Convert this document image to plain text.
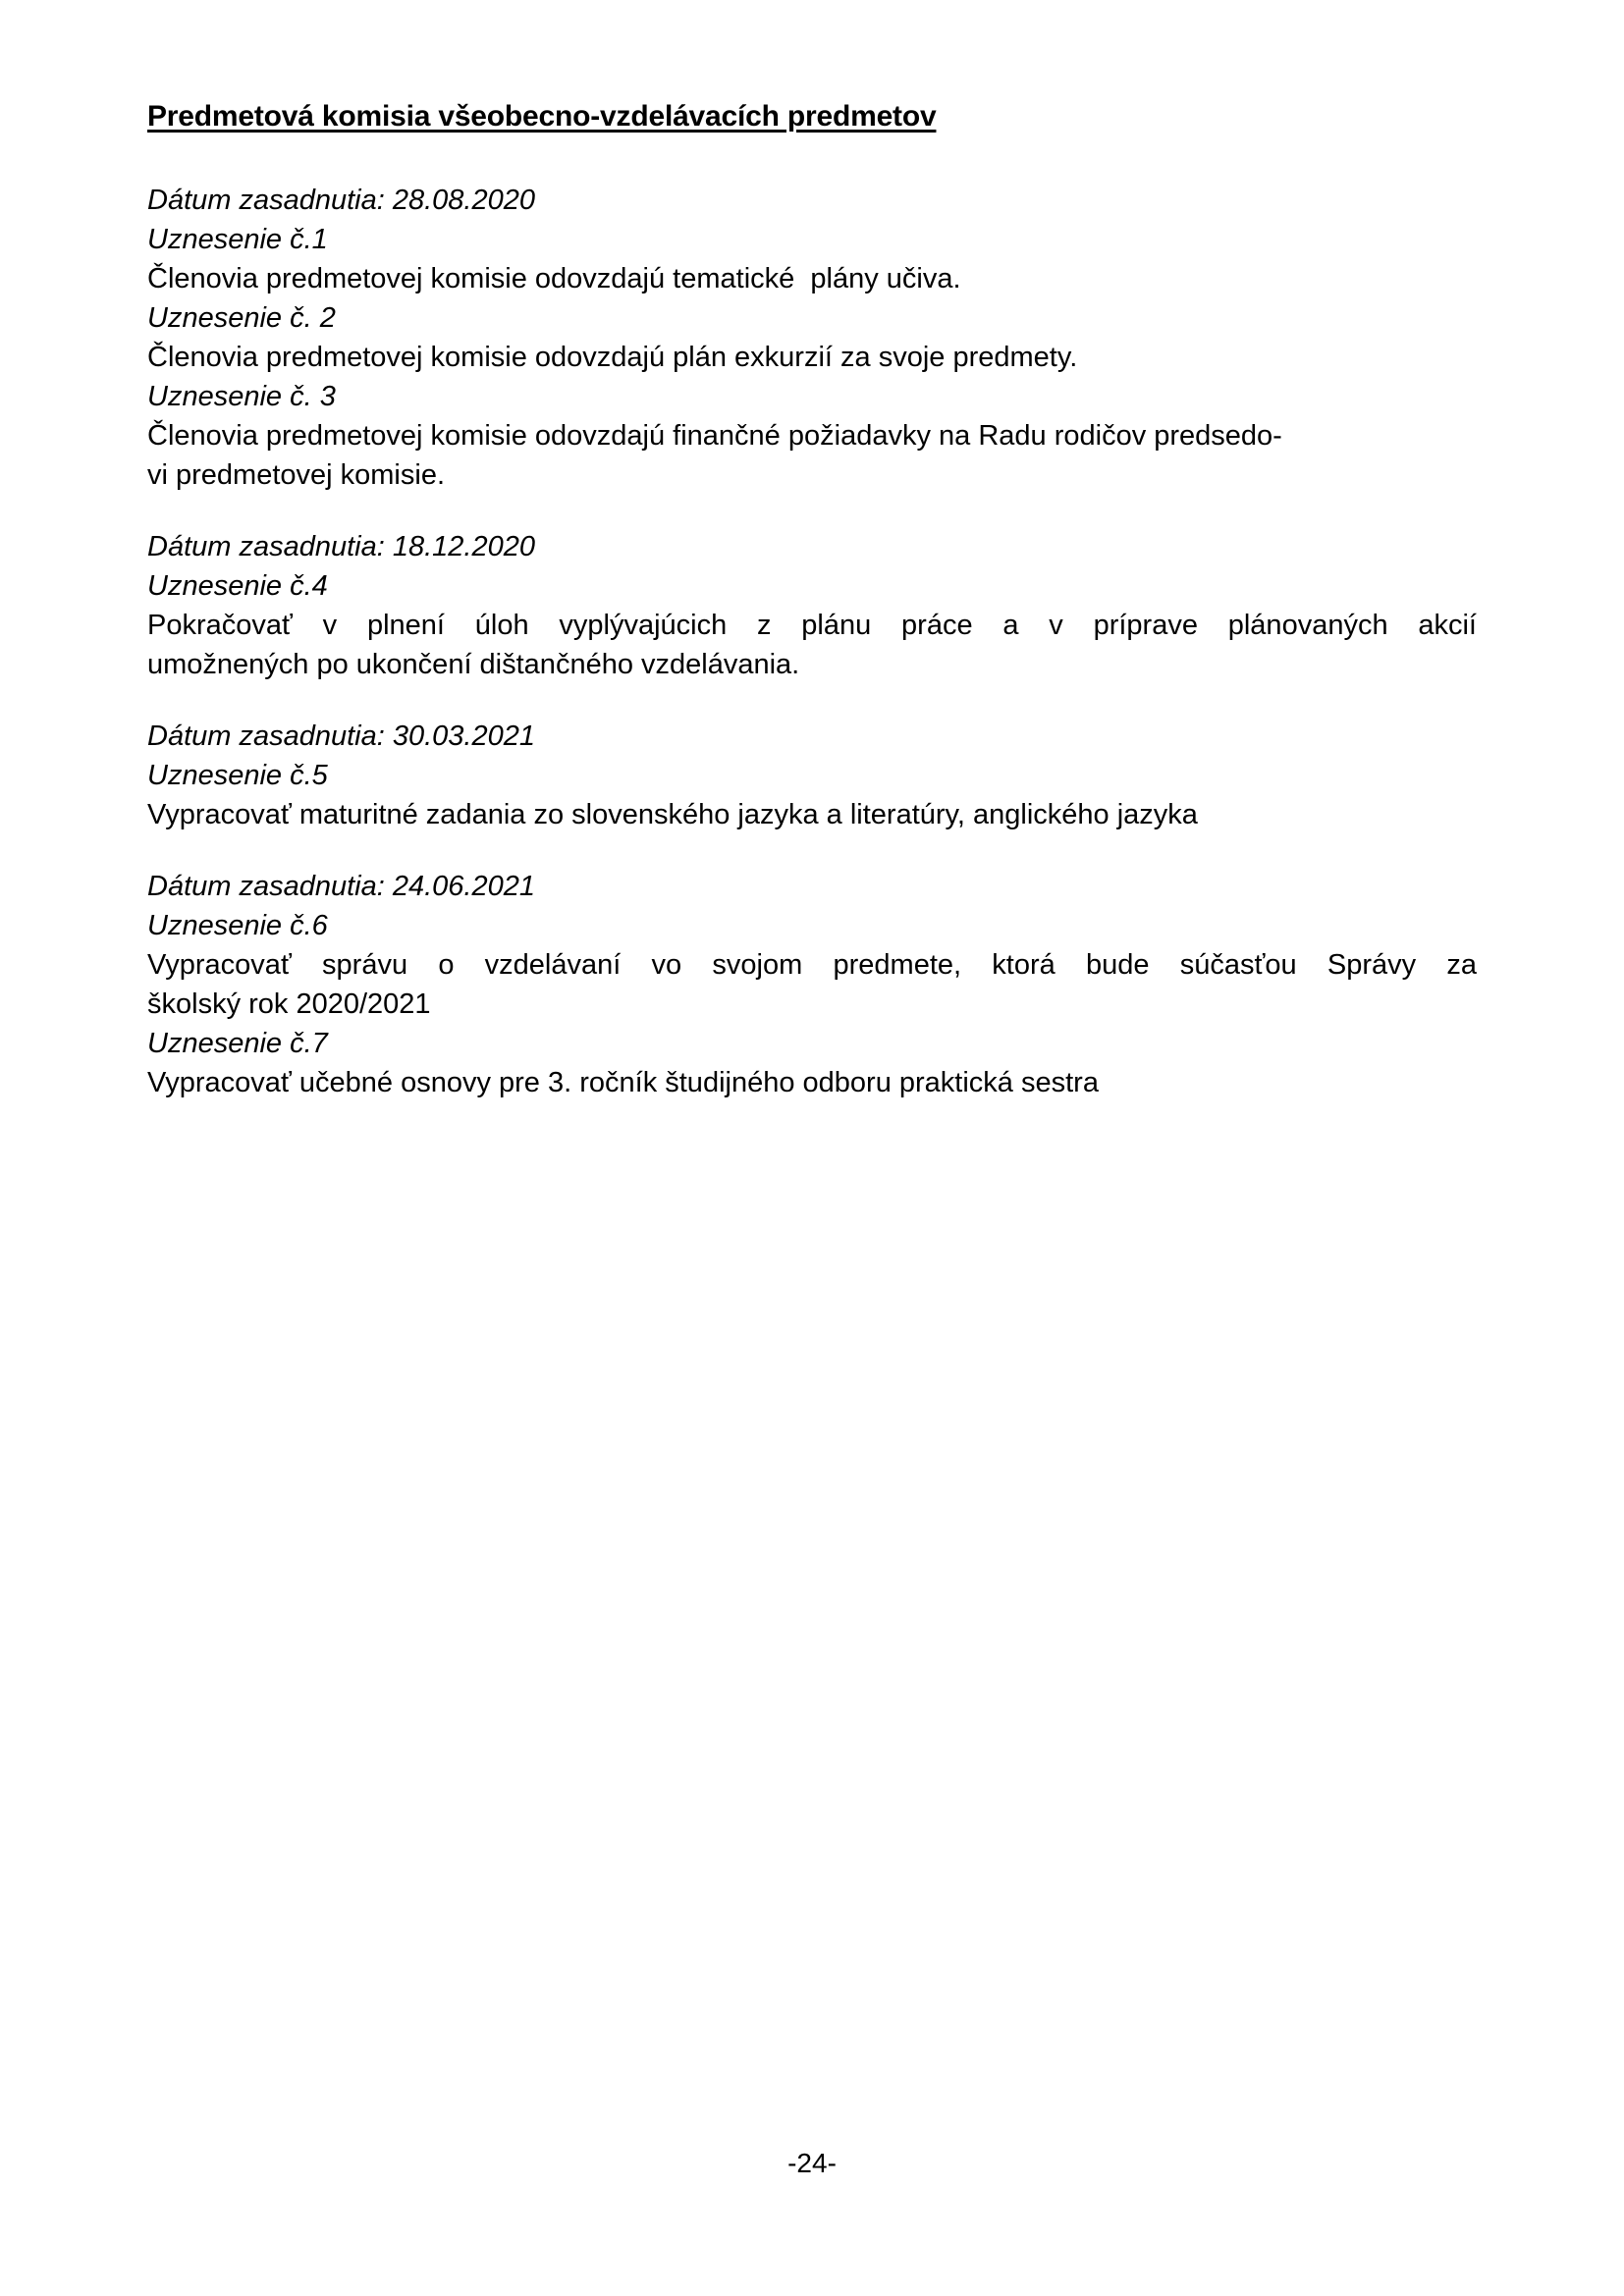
Predmetová komisia všeobecno-vzdelávacích predmetov

Dátum zasadnutia: 28.08.2020

Uznesenie č.1

Členovia predmetovej komisie odovzdajú tematické  plány učiva.

Uznesenie č. 2

Členovia predmetovej komisie odovzdajú plán exkurzií za svoje predmety.

Uznesenie č. 3

Členovia predmetovej komisie odovzdajú finančné požiadavky na Radu rodičov predsedo-

vi predmetovej komisie.

Dátum zasadnutia: 18.12.2020

Uznesenie č.4

Pokračovať v plnení úloh vyplývajúcich z plánu práce a v príprave plánovaných akcií

umožnených po ukončení dištančného vzdelávania.

Dátum zasadnutia: 30.03.2021

Uznesenie č.5

Vypracovať maturitné zadania zo slovenského jazyka a literatúry, anglického jazyka

Dátum zasadnutia: 24.06.2021

Uznesenie č.6

Vypracovať správu o vzdelávaní vo svojom predmete, ktorá bude súčasťou Správy za

školský rok 2020/2021

Uznesenie č.7

Vypracovať učebné osnovy pre 3. ročník študijného odboru praktická sestra

-24-
